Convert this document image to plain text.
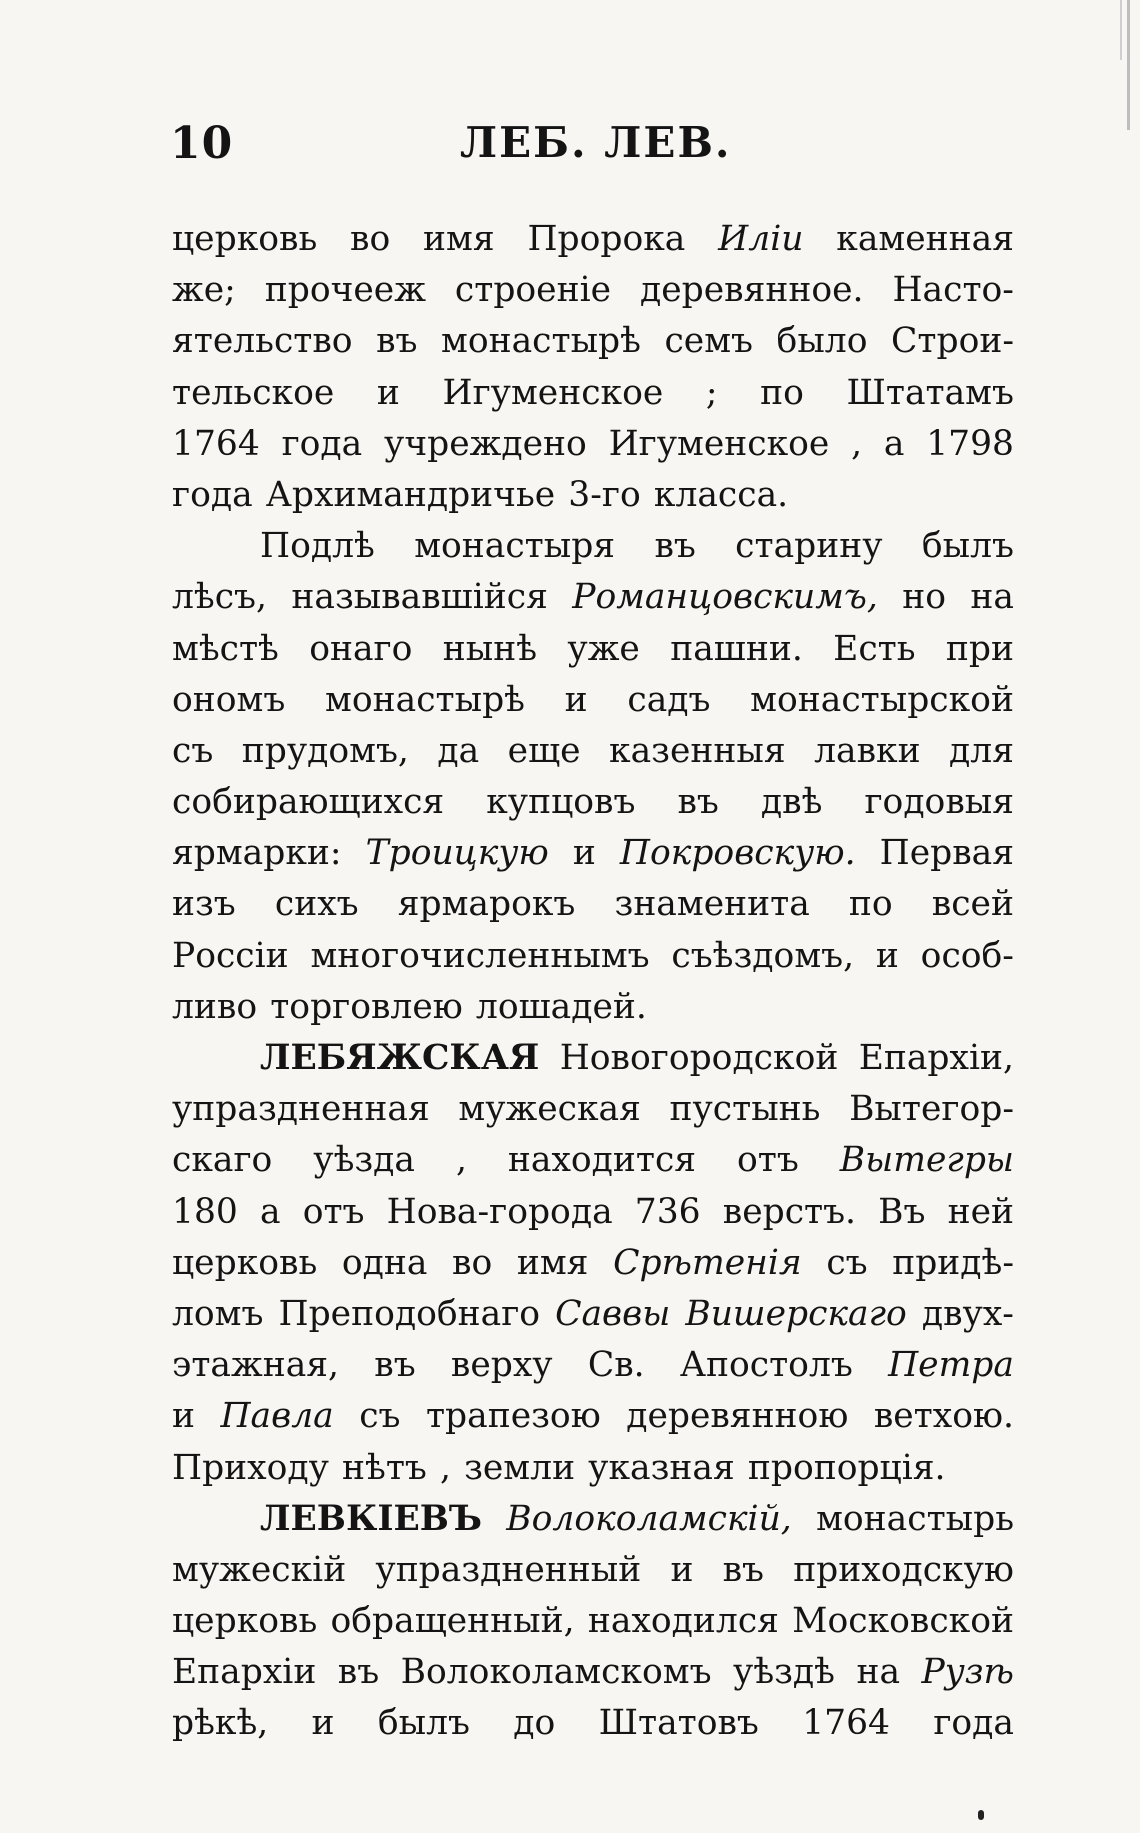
10	ЛЕБ. ЛЕВ.
церковь во имя Пророка Илiи каменная
же; прочееж строенiе деревянное. Насто-
ятельство въ монастырѣ семъ было Строи-
тельское и Игуменское ; по Штатамъ
1764 года учреждено Игуменское , а 1798
года Архимандричье 3-го класса.
Подлѣ монастыря въ старину былъ
лѣсъ, называвшiйся Романцовскимъ, но на
мѣстѣ онаго нынѣ уже пашни. Есть при
ономъ монастырѣ и садъ монастырской
съ прудомъ, да еще казенныя лавки для
собирающихся купцовъ въ двѣ годовыя
ярмарки: Троицкую и Покровскую. Первая
изъ сихъ ярмарокъ знаменита по всей
Россiи многочисленнымъ съѣздомъ, и особ-
ливо торговлею лошадей.
ЛЕБЯЖСКАЯ Новогородской Епархiи,
упраздненная мужеская пустынь Вытегор-
скаго уѣзда , находится отъ Вытегры
180 а отъ Нова-города 736 верстъ. Въ ней
церковь одна во имя Срѣтенiя съ придѣ-
ломъ Преподобнаго Саввы Вишерскаго двух-
этажная, въ верху Св. Апостолъ Петра
и Павла съ трапезою деревянною ветхою.
Приходу нѣтъ , земли указная пропорцiя.
ЛЕВКIЕВЪ Волоколамскiй, монастырь
мужескiй упраздненный и въ приходскую
церковь обращенный, находился Московской
Епархiи въ Волоколамскомъ уѣздѣ на Рузѣ
рѣкѣ, и былъ до Штатовъ 1764 года
